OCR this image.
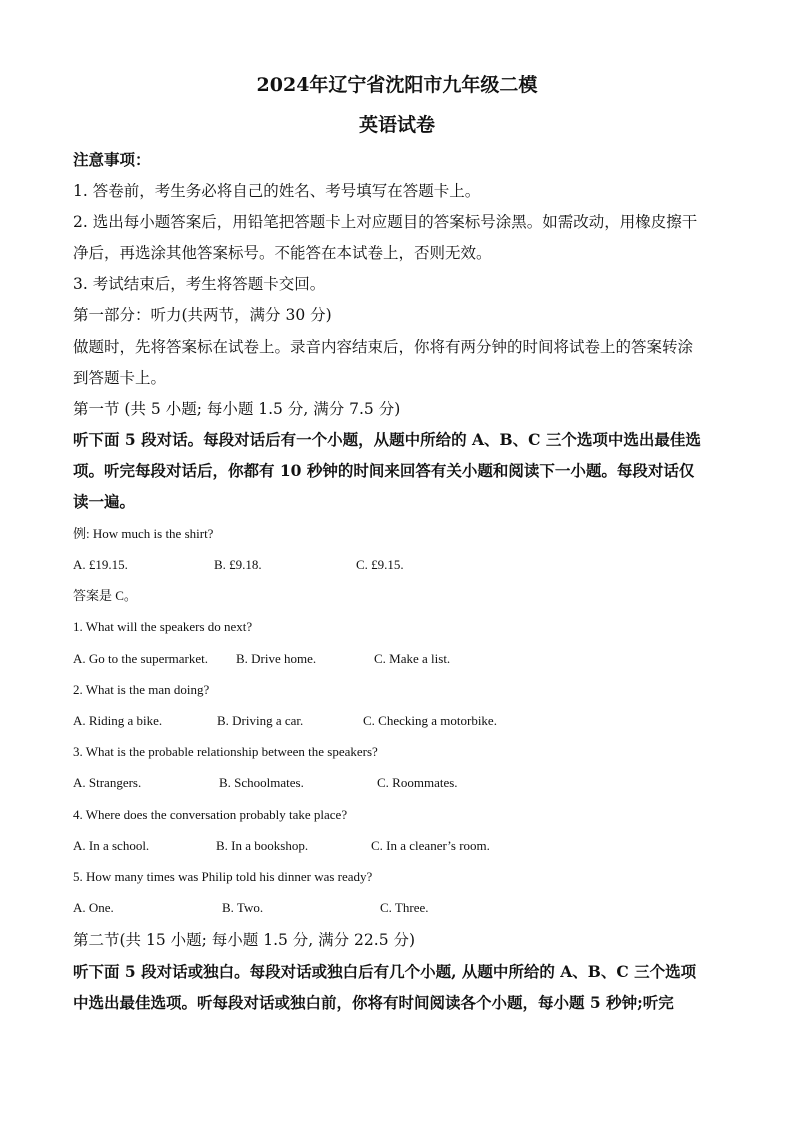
2024年辽宁省沈阳市九年级二模
英语试卷
注意事项：
1. 答卷前，考生务必将自己的姓名、考号填写在答题卡上。
2. 选出每小题答案后，用铅笔把答题卡上对应题目的答案标号涂黑。如需改动，用橡皮擦干
净后，再选涂其他答案标号。不能答在本试卷上，否则无效。
3. 考试结束后，考生将答题卡交回。
第一部分：听力(共两节，满分 30 分)
做题时，先将答案标在试卷上。录音内容结束后，你将有两分钟的时间将试卷上的答案转涂
到答题卡上。
第一节 (共 5 小题; 每小题 1.5 分, 满分 7.5 分)
听下面 5 段对话。每段对话后有一个小题，从题中所给的 A、B、C 三个选项中选出最佳选
项。听完每段对话后，你都有 10 秒钟的时间来回答有关小题和阅读下一小题。每段对话仅
读一遍。
例: How much is the shirt?
A. £19.15.	B. £9.18.	C. £9.15.
答案是 C。
1. What will the speakers do next?
A. Go to the supermarket. B. Drive home.	C. Make a list.
2. What is the man doing?
A. Riding a bike.	B. Driving a car.	C. Checking a motorbike.
3. What is the probable relationship between the speakers?
A. Strangers.	B. Schoolmates.	C. Roommates.
4. Where does the conversation probably take place?
A. In a school.	B. In a bookshop.	C. In a cleaner’s room.
5. How many times was Philip told his dinner was ready?
A. One.	B. Two.	C. Three.
第二节(共 15 小题; 每小题 1.5 分, 满分 22.5 分)
听下面 5 段对话或独白。每段对话或独白后有几个小题, 从题中所给的 A、B、C 三个选项
中选出最佳选项。听每段对话或独白前，你将有时间阅读各个小题，每小题 5 秒钟;听完
